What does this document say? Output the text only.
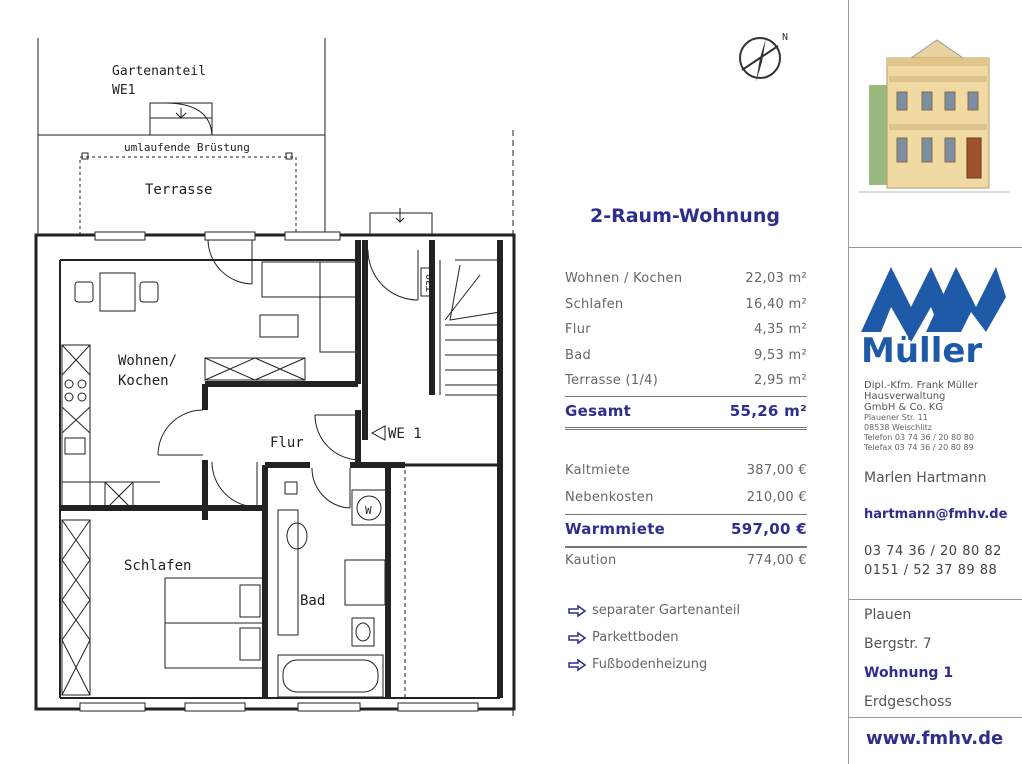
Gartenanteil
WE1
umlaufende Brüstung
Terrasse
Wohnen/
Kochen
Flur
Schlafen
Bad
WE 1
T30
W
N
2-Raum-Wohnung
Wohnen / Kochen	22,03 m²
Schlafen	16,40 m²
Flur	4,35 m²
Bad	9,53 m²
Terrasse (1/4)	2,95 m²
Gesamt	55,26 m²
Kaltmiete	387,00 €
Nebenkosten	210,00 €
Warmmiete	597,00 €
Kaution	774,00 €
separater Gartenanteil
Parkettboden
Fußbodenheizung
Müller
Dipl.-Kfm. Frank Müller
Hausverwaltung
GmbH & Co. KG
Plauener Str. 11
08538 Weischlitz
Telefon 03 74 36 / 20 80 80
Telefax 03 74 36 / 20 80 89
Marlen Hartmann
hartmann@fmhv.de
03 74 36 / 20 80 82
0151 / 52 37 89 88
Plauen
Bergstr. 7
Wohnung 1
Erdgeschoss
www.fmhv.de
